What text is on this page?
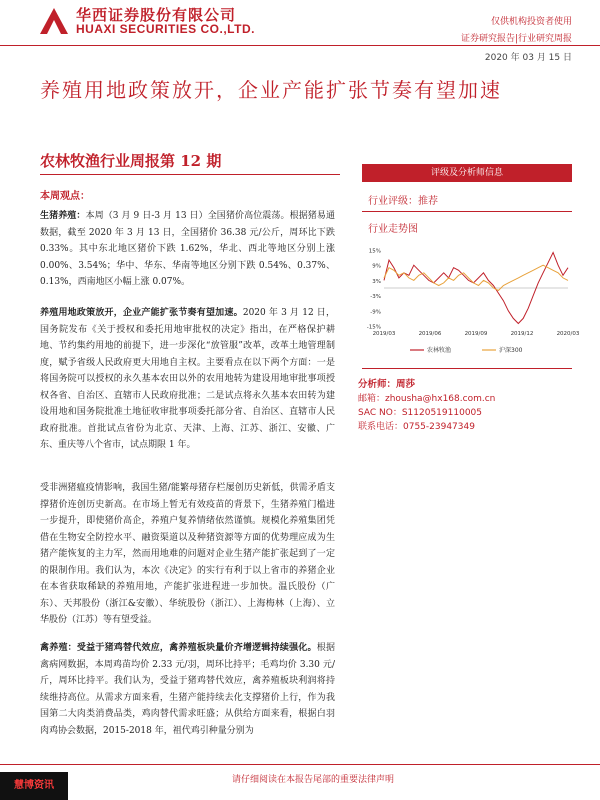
华西证券股份有限公司
HUAXI SECURITIES CO.,LTD.	仅供机构投资者使用
证券研究报告|行业研究周报
2020 年 03 月 15 日
养殖用地政策放开，企业产能扩张节奏有望加速
农林牧渔行业周报第 12 期
本周观点：
生猪养殖：本周（3 月 9 日-3 月 13 日）全国猪价高位震荡。根据猪易通数据，截至 2020 年 3 月 13 日，全国猪价 36.38 元/公斤，周环比下跌 0.33%。其中东北地区猪价下跌 1.62%，华北、西北等地区分别上涨 0.00%、3.54%；华中、华东、华南等地区分别下跌 0.54%、0.37%、0.13%，西南地区小幅上涨 0.07%。
养殖用地政策放开，企业产能扩张节奏有望加速。2020 年 3 月 12 日，国务院发布《关于授权和委托用地审批权的决定》指出，在严格保护耕地、节约集约用地的前提下，进一步深化“放管服”改革，改革土地管理制度，赋予省级人民政府更大用地自主权。主要看点在以下两个方面：一是将国务院可以授权的永久基本农田以外的农用地转为建设用地审批事项授权各省、自治区、直辖市人民政府批准；二是试点将永久基本农田转为建设用地和国务院批准土地征收审批事项委托部分省、自治区、直辖市人民政府批准。首批试点省份为北京、天津、上海、江苏、浙江、安徽、广东、重庆等八个省市，试点期限 1 年。
受非洲猪瘟疫情影响，我国生猪/能繁母猪存栏屡创历史新低，供需矛盾支撑猪价连创历史新高。在市场上暂无有效疫苗的背景下，生猪养殖门槛进一步提升，即使猪价高企，养殖户复养情绪依然谨慎。规模化养殖集团凭借在生物安全防控水平、融资渠道以及种猪资源等方面的优势理应成为生猪产能恢复的主力军，然而用地难的问题对企业生猪产能扩张起到了一定的限制作用。我们认为，本次《决定》的实行有利于以上省市的养猪企业在本省获取稀缺的养殖用地，产能扩张进程进一步加快。温氏股份（广东）、天邦股份（浙江&安徽）、华统股份（浙江）、上海梅林（上海）、立华股份（江苏）等有望受益。
禽养殖：受益于猪鸡替代效应，禽养殖板块量价齐增逻辑持续强化。根据禽病网数据，本周鸡苗均价 2.33 元/羽，周环比持平；毛鸡均价 3.30 元/斤，周环比持平。我们认为，受益于猪鸡替代效应，禽养殖板块利润将持续维持高位。从需求方面来看，生猪产能持续去化支撑猪价上行，作为我国第二大肉类消费品类，鸡肉替代需求旺盛；从供给方面来看，根据白羽肉鸡协会数据，2015-2018 年，祖代鸡引种量分别为
评级及分析师信息
行业评级：推荐
行业走势图
15%
9%
3%
-3%
-9%
-15%
2019/03	2019/06	2019/09	2019/12	2020/03
农林牧渔	沪深300
分析师：周莎
邮箱：zhousha@hx168.com.cn
SAC NO：S1120519110005
联系电话：0755-23947349
请仔细阅读在本报告尾部的重要法律声明
慧博资讯
